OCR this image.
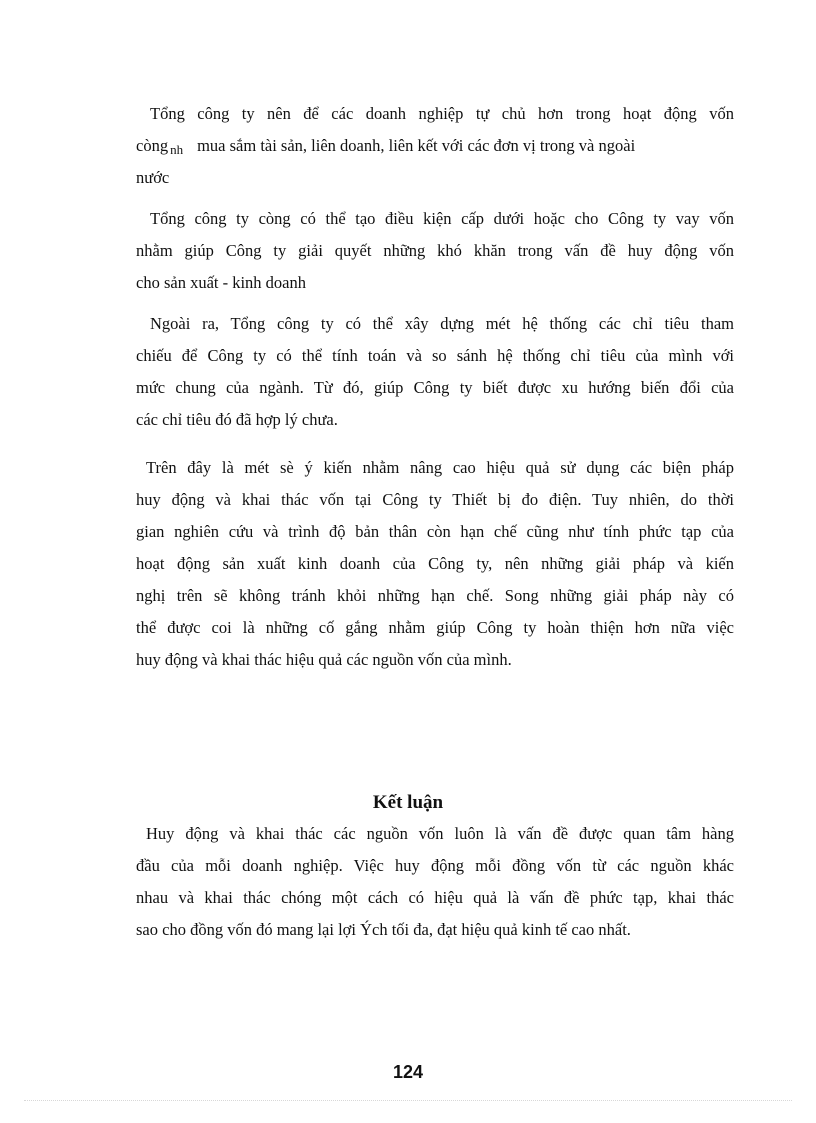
Tổng công ty nên để các doanh nghiệp tự chủ hơn trong hoạt động vốn
còng nh mua sắm tài sản, liên doanh, liên kết với các đơn vị trong và ngoài
nước
Tổng công ty còng có thể tạo điều kiện cấp dưới hoặc cho Công ty vay vốn
nhằm giúp Công ty giải quyết những khó khăn trong vấn đề huy động vốn
cho sản xuất - kinh doanh
Ngoài ra, Tổng công ty có thể xây dựng mét hệ thống các chỉ tiêu tham
chiếu để Công ty có thể tính toán và so sánh hệ thống chỉ tiêu của mình với
mức chung của ngành. Từ đó, giúp Công ty biết được xu hướng biến đổi của
các chỉ tiêu đó đã hợp lý chưa.
Trên đây là mét sè ý kiến nhằm nâng cao hiệu quả sử dụng các biện pháp
huy động và khai thác vốn tại Công ty Thiết bị đo điện. Tuy nhiên, do thời
gian nghiên cứu và trình độ bản thân còn hạn chế cũng như tính phức tạp của
hoạt động sản xuất kinh doanh của Công ty, nên những giải pháp và kiến
nghị trên sẽ không tránh khỏi những hạn chế. Song những giải pháp này có
thể được coi là những cố gắng nhằm giúp Công ty hoàn thiện hơn nữa việc
huy động và khai thác hiệu quả các nguồn vốn của mình.
Kết luận
Huy động và khai thác các nguồn vốn luôn là vấn đề được quan tâm hàng
đầu của mỗi doanh nghiệp. Việc huy động mỗi đồng vốn từ các nguồn khác
nhau và khai thác chóng một cách có hiệu quả là vấn đề phức tạp, khai thác
sao cho đồng vốn đó mang lại lợi Ých tối đa, đạt hiệu quả kinh tế cao nhất.
124
